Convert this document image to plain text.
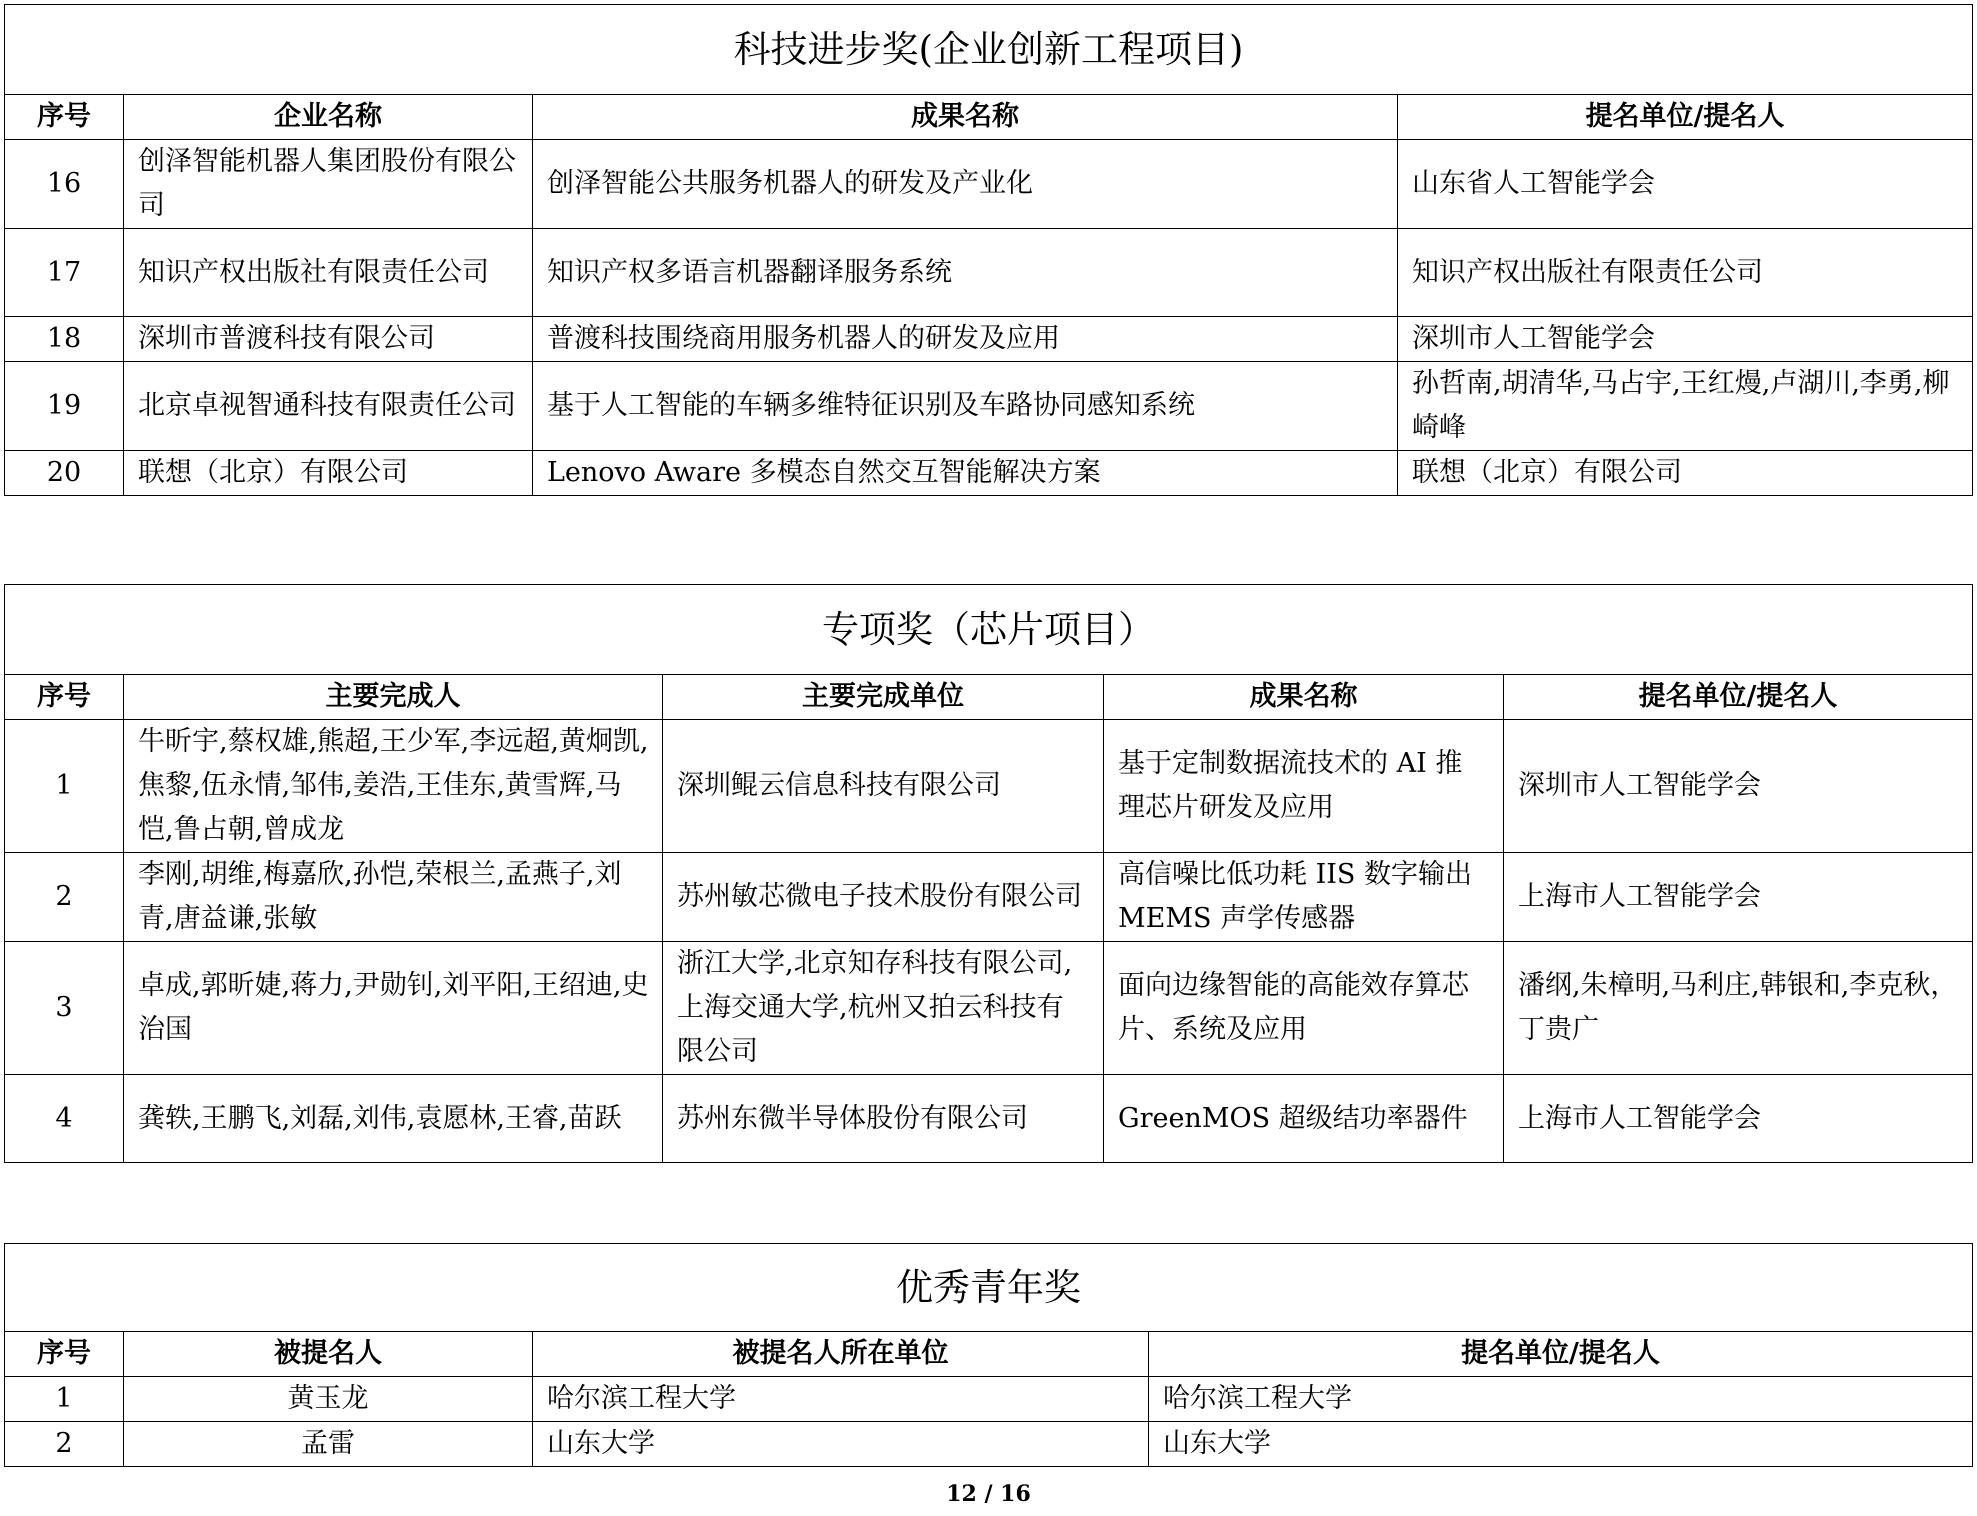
科技进步奖(企业创新工程项目)			
序号	企业名称	成果名称	提名单位/提名人
16	创泽智能机器人集团股份有限公司	创泽智能公共服务机器人的研发及产业化	山东省人工智能学会
17	知识产权出版社有限责任公司	知识产权多语言机器翻译服务系统	知识产权出版社有限责任公司
18	深圳市普渡科技有限公司	普渡科技围绕商用服务机器人的研发及应用	深圳市人工智能学会
19	北京卓视智通科技有限责任公司	基于人工智能的车辆多维特征识别及车路协同感知系统	孙哲南,胡清华,马占宇,王红熳,卢湖川,李勇,柳崎峰
20	联想（北京）有限公司	Lenovo Aware 多模态自然交互智能解决方案	联想（北京）有限公司
专项奖（芯片项目）				
序号	主要完成人	主要完成单位	成果名称	提名单位/提名人
1	牛昕宇,蔡权雄,熊超,王少军,李远超,黄炯凯,焦黎,伍永情,邹伟,姜浩,王佳东,黄雪辉,马恺,鲁占朝,曾成龙	深圳鲲云信息科技有限公司	基于定制数据流技术的 AI 推理芯片研发及应用	深圳市人工智能学会
2	李刚,胡维,梅嘉欣,孙恺,荣根兰,孟燕子,刘青,唐益谦,张敏	苏州敏芯微电子技术股份有限公司	高信噪比低功耗 IIS 数字输出 MEMS 声学传感器	上海市人工智能学会
3	卓成,郭昕婕,蒋力,尹勋钊,刘平阳,王绍迪,史治国	浙江大学,北京知存科技有限公司,上海交通大学,杭州又拍云科技有限公司	面向边缘智能的高能效存算芯片、系统及应用	潘纲,朱樟明,马利庄,韩银和,李克秋，丁贵广
4	龚轶,王鹏飞,刘磊,刘伟,袁愿林,王睿,苗跃	苏州东微半导体股份有限公司	GreenMOS 超级结功率器件	上海市人工智能学会
优秀青年奖			
序号	被提名人	被提名人所在单位	提名单位/提名人
1	黄玉龙	哈尔滨工程大学	哈尔滨工程大学
2	孟雷	山东大学	山东大学
12 / 16
